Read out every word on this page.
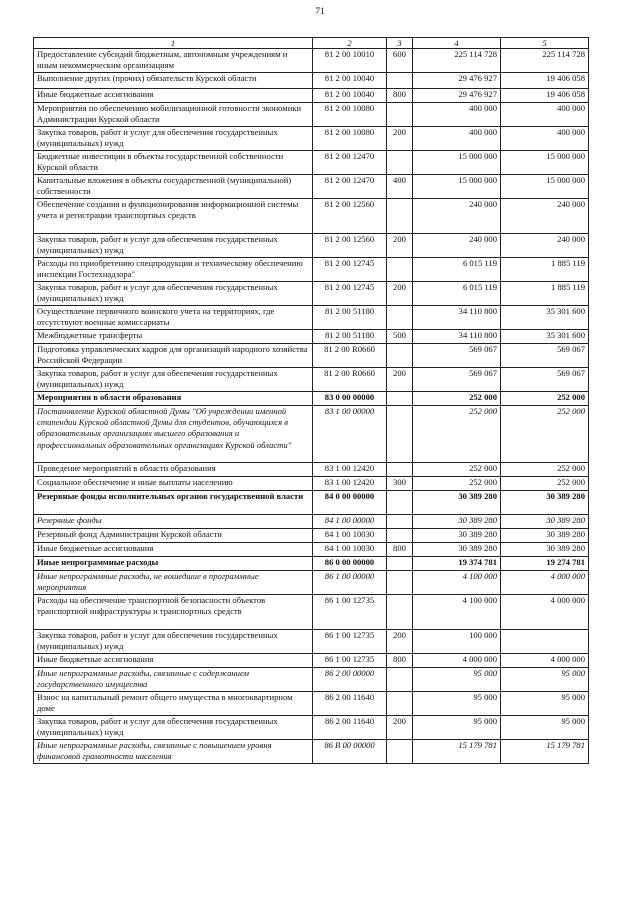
71
1	2	3	4	5
Предоставление субсидий бюджетным, автономным учреждениям и иным некоммерческим организациям	81 2 00 10010	600	225 114 728	225 114 728
Выполнение других (прочих) обязательств Курской области	81 2 00 10040		29 476 927	19 406 058
Иные бюджетные ассигнования	81 2 00 10040	800	29 476 927	19 406 058
Мероприятия по обеспечению мобилизационной готовности экономики Администрации Курской области	81 2 00 10080		400 000	400 000
Закупка товаров, работ и услуг для обеспечения государственных (муниципальных) нужд	81 2 00 10080	200	400 000	400 000
Бюджетные инвестиции в объекты государственной собственности Курской области	81 2 00 12470		15 000 000	15 000 000
Капитальные вложения в объекты государственной (муниципальной) собственности	81 2 00 12470	400	15 000 000	15 000 000
Обеспечение создания и функционирования информационной системы учета и регистрации транспортных средств	81 2 00 12560		240 000	240 000
Закупка товаров, работ и услуг для обеспечения государственных (муниципальных) нужд	81 2 00 12560	200	240 000	240 000
Расходы по приобретению спецпродукции и техническому обеспечению инспекции Гостехнадзора"	81 2 00 12745		6 015 119	1 885 119
Закупка товаров, работ и услуг для обеспечения государственных (муниципальных) нужд	81 2 00 12745	200	6 015 119	1 885 119
Осуществление первичного воинского учета на территориях, где отсутствуют военные комиссариаты	81 2 00 51180		34 110 800	35 301 600
Межбюджетные трансферты	81 2 00 51180	500	34 110 800	35 301 600
Подготовка управленческих кадров для организаций народного хозяйства Российской Федерации	81 2 00 R0660		569 067	569 067
Закупка товаров, работ и услуг для обеспечения государственных (муниципальных) нужд	81 2 00 R0660	200	569 067	569 067
Мероприятия в области образования	83 0 00 00000		252 000	252 000
Постановление Курской областной Думы "Об учреждении именной стипендии Курской областной Думы для студентов, обучающихся в образовательных организациях высшего образования и профессиональных образовательных организациях Курской области"	83 1 00 00000		252 000	252 000
Проведение мероприятий в области образования	83 1 00 12420		252 000	252 000
Социальное обеспечение и иные выплаты населению	83 1 00 12420	300	252 000	252 000
Резервные фонды исполнительных органов государственной власти	84 0 00 00000		30 389 280	30 389 280
Резервные фонды	84 1 00 00000		30 389 280	30 389 280
Резервный фонд Администрации Курской области	84 1 00 10030		30 389 280	30 389 280
Иные бюджетные ассигнования	84 1 00 10030	800	30 389 280	30 389 280
Иные непрограммные расходы	86 0 00 00000		19 374 781	19 274 781
Иные непрограммные расходы, не вошедшие в программные мероприятия	86 1 00 00000		4 100 000	4 000 000
Расходы на обеспечение транспортной безопасности объектов транспортной инфраструктуры и транспортных средств	86 1 00 12735		4 100 000	4 000 000
Закупка товаров, работ и услуг для обеспечения государственных (муниципальных) нужд	86 1 00 12735	200	100 000	
Иные бюджетные ассигнования	86 1 00 12735	800	4 000 000	4 000 000
Иные непрограммные расходы, связанные с содержанием государственного имущества	86 2 00 00000		95 000	95 000
Взнос на капитальный ремонт общего имущества в многоквартирном доме	86 2 00 11640		95 000	95 000
Закупка товаров, работ и услуг для обеспечения государственных (муниципальных) нужд	86 2 00 11640	200	95 000	95 000
Иные непрограммные расходы, связанные с повышением уровня финансовой грамотности населения	86 В 00 00000		15 179 781	15 179 781
